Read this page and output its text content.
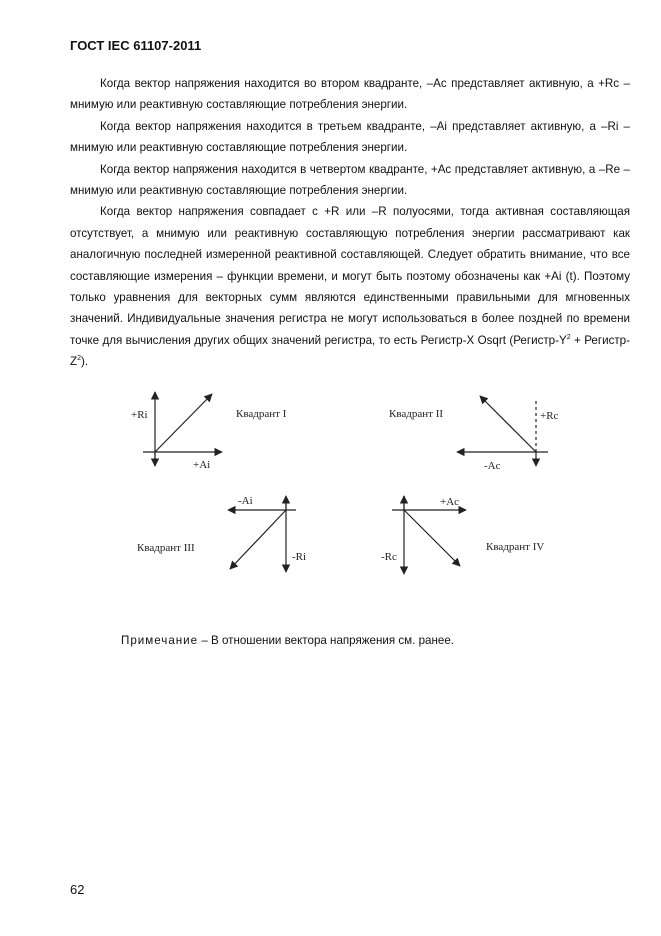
ГОСТ IEC 61107-2011

Когда вектор напряжения находится во втором квадранте, –Ac представляет активную, а +Rc – мнимую или реактивную составляющие потребления энергии.

Когда вектор напряжения находится в третьем квадранте, –Ai представляет активную, а –Ri – мнимую или реактивную составляющие потребления энергии.

Когда вектор напряжения находится в четвертом квадранте, +Ac представляет активную, а –Re – мнимую или реактивную составляющие потребления энергии.

Когда вектор напряжения совпадает с +R или –R полуосями, тогда активная составляющая отсутствует, а мнимую или реактивную составляющую потребления энергии рассматривают как аналогичную последней измеренной реактивной составляющей. Следует обратить внимание, что все составляющие измерения – функции времени, и могут быть поэтому обозначены как +Ai (t). Поэтому только уравнения для векторных сумм являются единственными правильными для мгновенных значений. Индивидуальные значения регистра не могут использоваться в более поздней по времени точке для вычисления других общих значений регистра, то есть Регистр-X Osqrt ($Регистр-Y^2$ + Регистр-$Z^2$).

+Ri
+Ai
Квадрант I	+Rc
-Ac
Квадрант II
-Ai
-Ri
Квадрант III
+Ac
-Rc
Квадрант IV
Примечание – В отношении вектора напряжения см. ранее.
62
